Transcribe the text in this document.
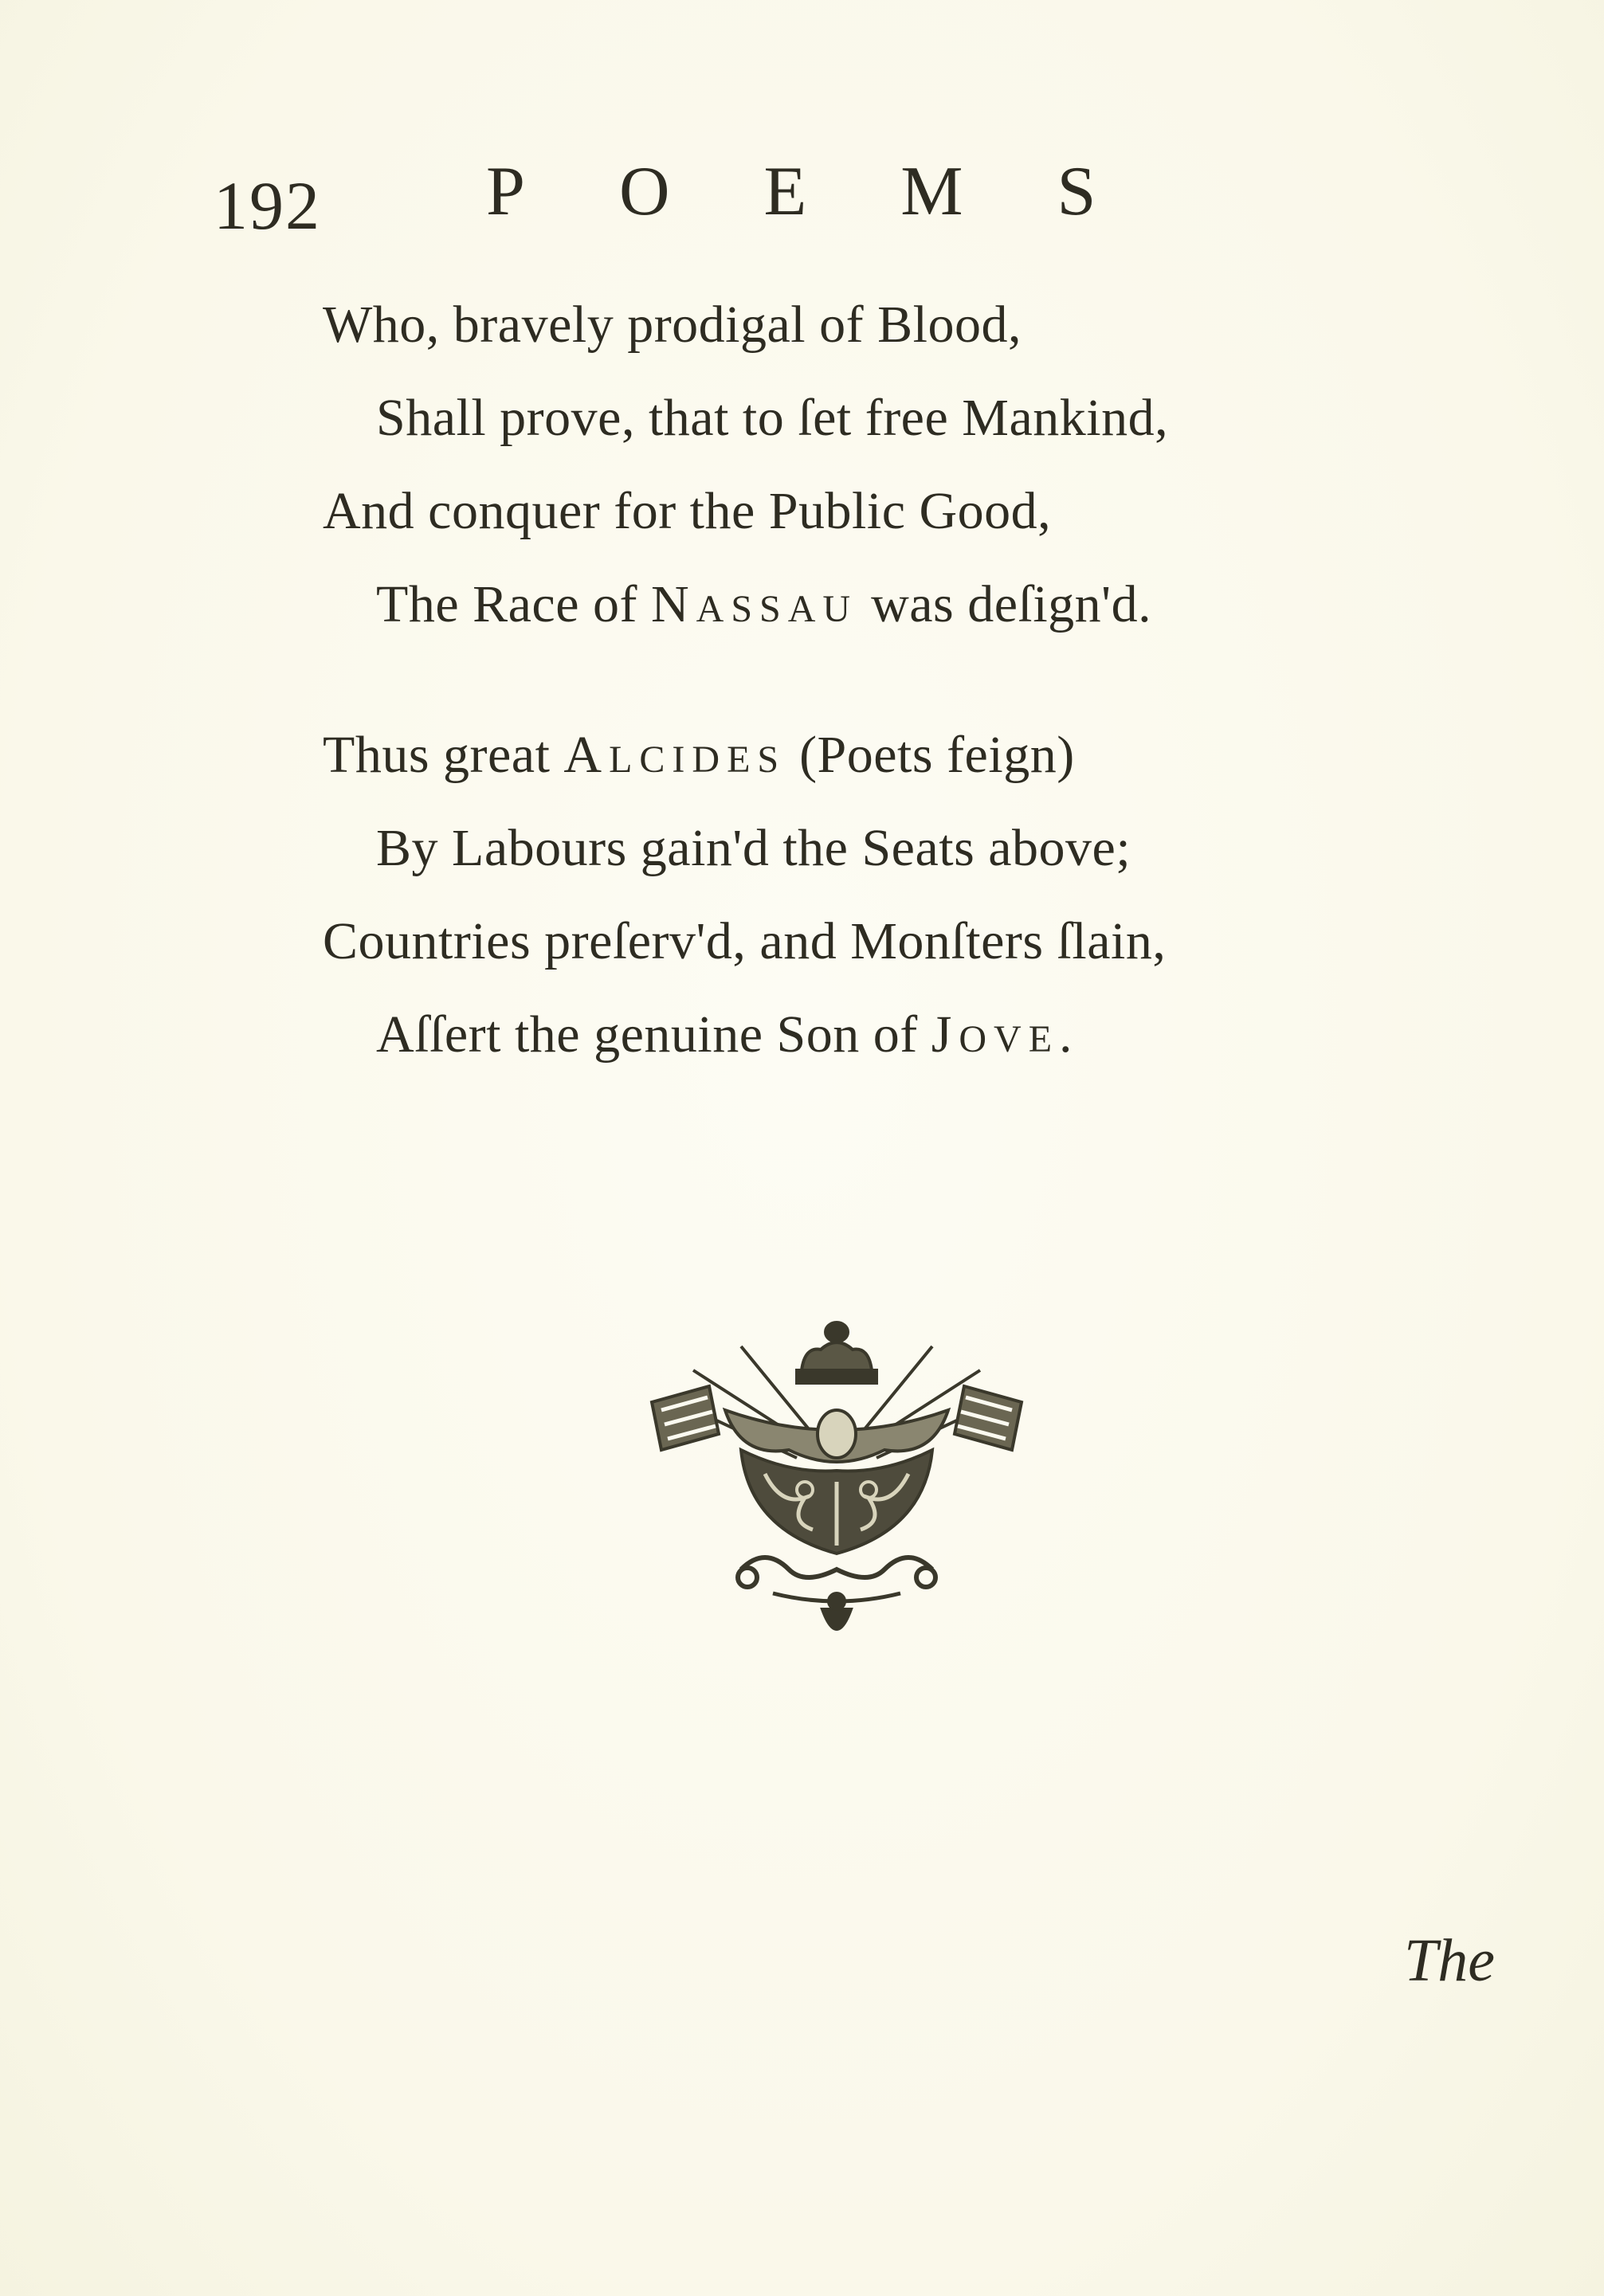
192 POEMS
Who, bravely prodigal of Blood,
Shall prove, that to ſet free Mankind,
And conquer for the Public Good,
The Race of NASSAU was deſign'd.
Thus great ALCIDES (Poets feign)
By Labours gain'd the Seats above;
Countries preſerv'd, and Monſters ſlain,
Aſſert the genuine Son of JOVE.
The
